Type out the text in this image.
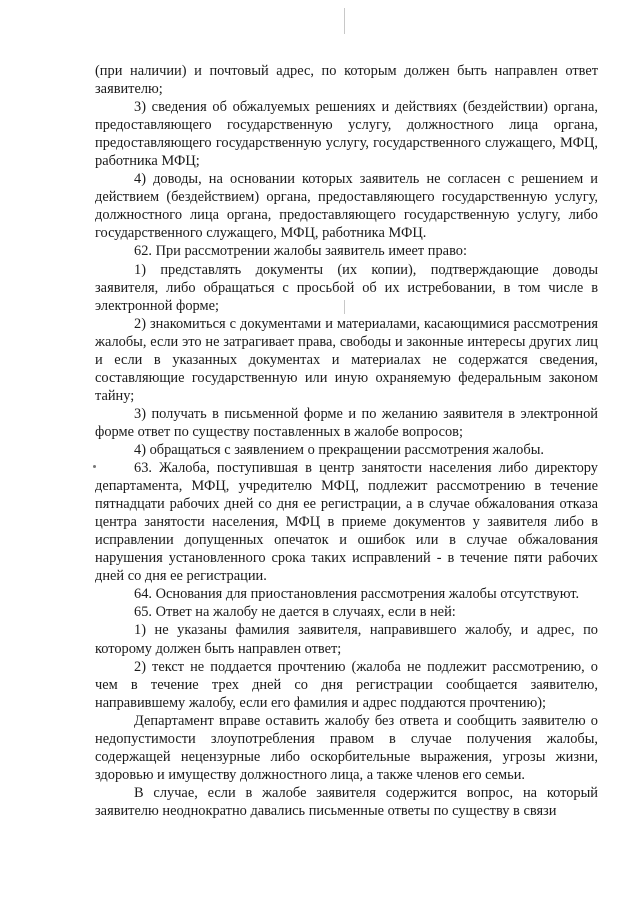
(при наличии) и почтовый адрес, по которым должен быть направлен ответ заявителю;

3) сведения об обжалуемых решениях и действиях (бездействии) органа, предоставляющего государственную услугу, должностного лица органа, предоставляющего государственную услугу, государственного служащего, МФЦ, работника МФЦ;

4) доводы, на основании которых заявитель не согласен с решением и действием (бездействием) органа, предоставляющего государственную услугу, должностного лица органа, предоставляющего государственную услугу, либо государственного служащего, МФЦ, работника МФЦ.

62. При рассмотрении жалобы заявитель имеет право:

1) представлять документы (их копии), подтверждающие доводы заявителя, либо обращаться с просьбой об их истребовании, в том числе в электронной форме;

2) знакомиться с документами и материалами, касающимися рассмотрения жалобы, если это не затрагивает права, свободы и законные интересы других лиц и если в указанных документах и материалах не содержатся сведения, составляющие государственную или иную охраняемую федеральным законом тайну;

3) получать в письменной форме и по желанию заявителя в электронной форме ответ по существу поставленных в жалобе вопросов;

4) обращаться с заявлением о прекращении рассмотрения жалобы.

63. Жалоба, поступившая в центр занятости населения либо директору департамента, МФЦ, учредителю МФЦ, подлежит рассмотрению в течение пятнадцати рабочих дней со дня ее регистрации, а в случае обжалования отказа центра занятости населения, МФЦ в приеме документов у заявителя либо в исправлении допущенных опечаток и ошибок или в случае обжалования нарушения установленного срока таких исправлений - в течение пяти рабочих дней со дня ее регистрации.

64. Основания для приостановления рассмотрения жалобы отсутствуют.

65. Ответ на жалобу не дается в случаях, если в ней:

1) не указаны фамилия заявителя, направившего жалобу, и адрес, по которому должен быть направлен ответ;

2) текст не поддается прочтению (жалоба не подлежит рассмотрению, о чем в течение трех дней со дня регистрации сообщается заявителю, направившему жалобу, если его фамилия и адрес поддаются прочтению);

Департамент вправе оставить жалобу без ответа и сообщить заявителю о недопустимости злоупотребления правом в случае получения жалобы, содержащей нецензурные либо оскорбительные выражения, угрозы жизни, здоровью и имуществу должностного лица, а также членов его семьи.

В случае, если в жалобе заявителя содержится вопрос, на который заявителю неоднократно давались письменные ответы по существу в связи
